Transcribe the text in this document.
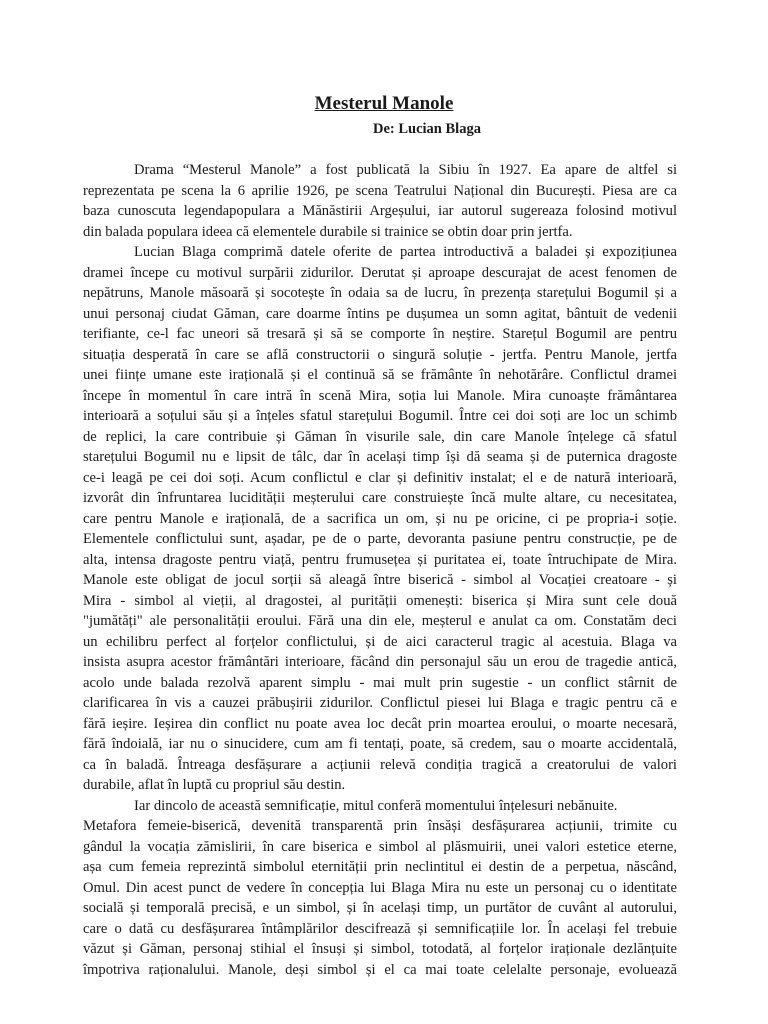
Mesterul Manole
De: Lucian Blaga
Drama “Mesterul Manole” a fost publicată la Sibiu în 1927. Ea apare de altfel si
reprezentata pe scena la 6 aprilie 1926, pe scena Teatrului Național din București. Piesa are ca
baza cunoscuta legendapopulara a Mănăstirii Argeșului, iar autorul sugereaza folosind motivul
din balada populara ideea că elementele durabile si trainice se obtin doar prin jertfa.
Lucian Blaga comprimă datele oferite de partea introductivă a baladei și expozițiunea
dramei începe cu motivul surpării zidurilor. Derutat și aproape descurajat de acest fenomen de
nepătruns, Manole măsoară și socotește în odaia sa de lucru, în prezența starețului Bogumil și a
unui personaj ciudat Găman, care doarme întins pe dușumea un somn agitat, bântuit de vedenii
terifiante, ce-l fac uneori să tresară și să se comporte în neștire. Starețul Bogumil are pentru
situația desperată în care se află constructorii o singură soluție - jertfa. Pentru Manole, jertfa
unei ființe umane este irațională și el continuă să se frământe în nehotărâre. Conflictul dramei
începe în momentul în care intră în scenă Mira, soția lui Manole. Mira cunoaște frământarea
interioară a soțului său și a înțeles sfatul starețului Bogumil. Între cei doi soți are loc un schimb
de replici, la care contribuie și Găman în visurile sale, din care Manole înțelege că sfatul
starețului Bogumil nu e lipsit de tâlc, dar în același timp își dă seama și de puternica dragoste
ce-i leagă pe cei doi soți. Acum conflictul e clar și definitiv instalat; el e de natură interioară,
izvorât din înfruntarea lucidității meșterului care construiește încă multe altare, cu necesitatea,
care pentru Manole e irațională, de a sacrifica un om, și nu pe oricine, ci pe propria-i soție.
Elementele conflictului sunt, așadar, pe de o parte, devoranta pasiune pentru construcție, pe de
alta, intensa dragoste pentru viață, pentru frumusețea și puritatea ei, toate întruchipate de Mira.
Manole este obligat de jocul sorții să aleagă între biserică - simbol al Vocației creatoare - și
Mira - simbol al vieții, al dragostei, al purității omenești: biserica și Mira sunt cele două
"jumătăți" ale personalității eroului. Fără una din ele, meșterul e anulat ca om. Constatăm deci
un echilibru perfect al forțelor conflictului, și de aici caracterul tragic al acestuia. Blaga va
insista asupra acestor frământări interioare, făcând din personajul său un erou de tragedie antică,
acolo unde balada rezolvă aparent simplu - mai mult prin sugestie - un conflict stârnit de
clarificarea în vis a cauzei prăbușirii zidurilor. Conflictul piesei lui Blaga e tragic pentru că e
fără ieșire. Ieșirea din conflict nu poate avea loc decât prin moartea eroului, o moarte necesară,
fără îndoială, iar nu o sinucidere, cum am fi tentați, poate, să credem, sau o moarte accidentală,
ca în baladă. Întreaga desfășurare a acțiunii relevă condiția tragică a creatorului de valori
durabile, aflat în luptă cu propriul său destin.
Iar dincolo de această semnificație, mitul conferă momentului înțelesuri nebănuite.
Metafora femeie-biserică, devenită transparentă prin însăși desfășurarea acțiunii, trimite cu
gândul la vocația zămislirii, în care biserica e simbol al plăsmuirii, unei valori estetice eterne,
așa cum femeia reprezintă simbolul eternității prin neclintitul ei destin de a perpetua, născând,
Omul. Din acest punct de vedere în concepția lui Blaga Mira nu este un personaj cu o identitate
socială și temporală precisă, e un simbol, și în același timp, un purtător de cuvânt al autorului,
care o dată cu desfășurarea întâmplărilor descifrează și semnificațiile lor. În același fel trebuie
văzut și Găman, personaj stihial el însuși și simbol, totodată, al forțelor iraționale dezlănțuite
împotriva raționalului. Manole, deși simbol și el ca mai toate celelalte personaje, evoluează
